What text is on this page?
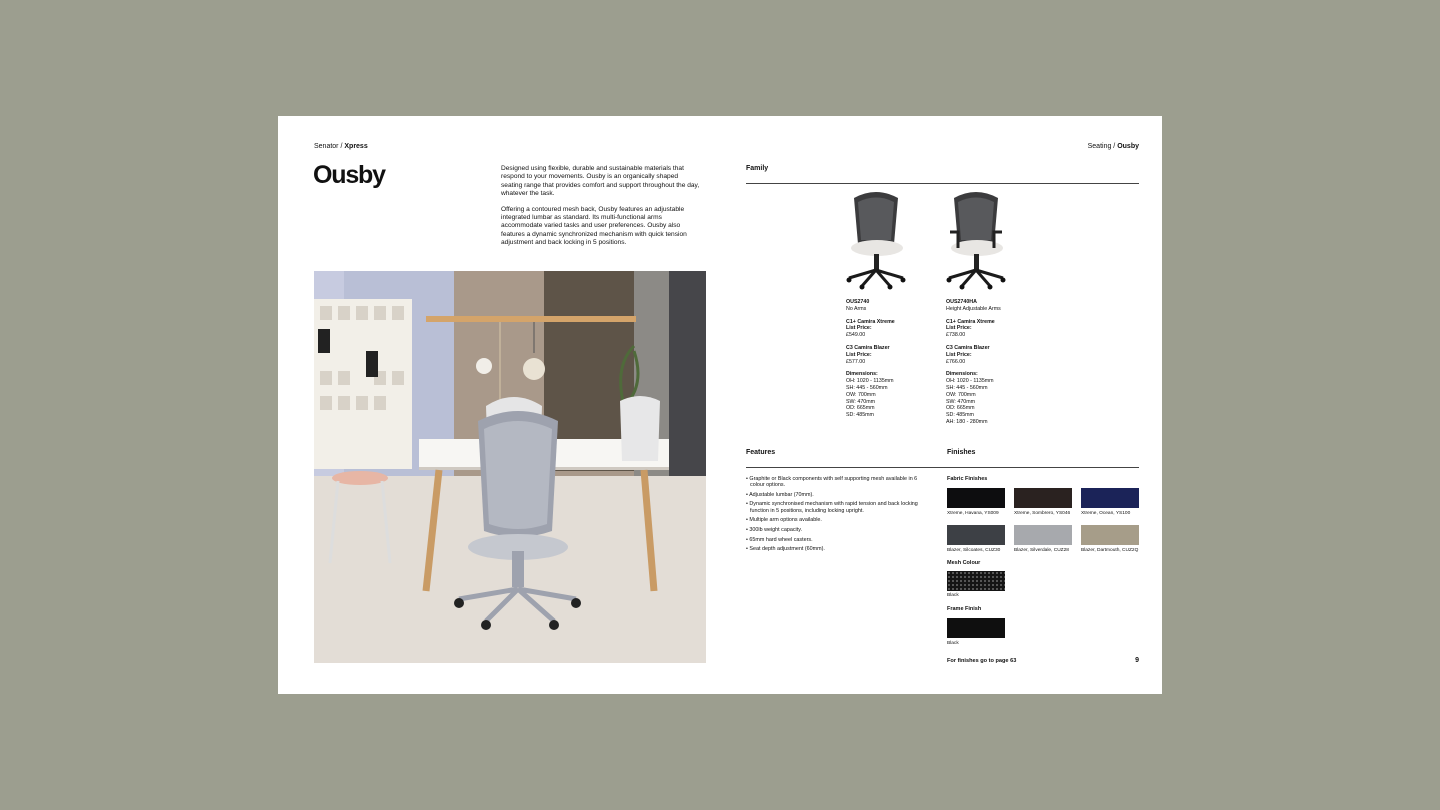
Senator / Xpress
Ousby	Designed using flexible, durable and sustainable materials that respond to your movements. Ousby is an organically shaped seating range that provides comfort and support throughout the day, whatever the task.

Offering a contoured mesh back, Ousby features an adjustable integrated lumbar as standard. Its multi-functional arms accommodate varied tasks and user preferences. Ousby also features a dynamic synchronized mechanism with quick tension adjustment and back locking in 5 positions.

Seating / Ousby
Family
OUS2740
No Arms
C1+ Camira Xtreme
List Price:
£549.00
C3 Camira Blazer
List Price:
£577.00
Dimensions:
OH: 1020 - 1135mm
SH: 445 - 560mm
OW: 700mm
SW: 470mm
OD: 665mm
SD: 485mm
OUS2740HA
Height Adjustable Arms
C1+ Camira Xtreme
List Price:
£738.00
C3 Camira Blazer
List Price:
£766.00
Dimensions:
OH: 1020 - 1135mm
SH: 445 - 560mm
OW: 700mm
SW: 470mm
OD: 665mm
SD: 485mm
AH: 180 - 280mm
Features	Finishes
• Graphite or Black components with self supporting mesh available in 6 colour options.
• Adjustable lumbar (70mm).
• Dynamic synchronised mechanism with rapid tension and back locking function in 5 positions, including locking upright.
• Multiple arm options available.
• 300lb weight capacity.
• 65mm hard wheel casters.
• Seat depth adjustment (60mm).
Fabric Finishes
Xtreme, Havana, YS009	Xtreme, Sombrero, YS046 Xtreme, Ocean, YS100
Blazer, Silcoates, CUZ30	Blazer, Silverdale, CUZ28	Blazer, Dartmouth, CUZ2Q
Mesh Colour
Black
Frame Finish
Black
For finishes go to page 63	9
